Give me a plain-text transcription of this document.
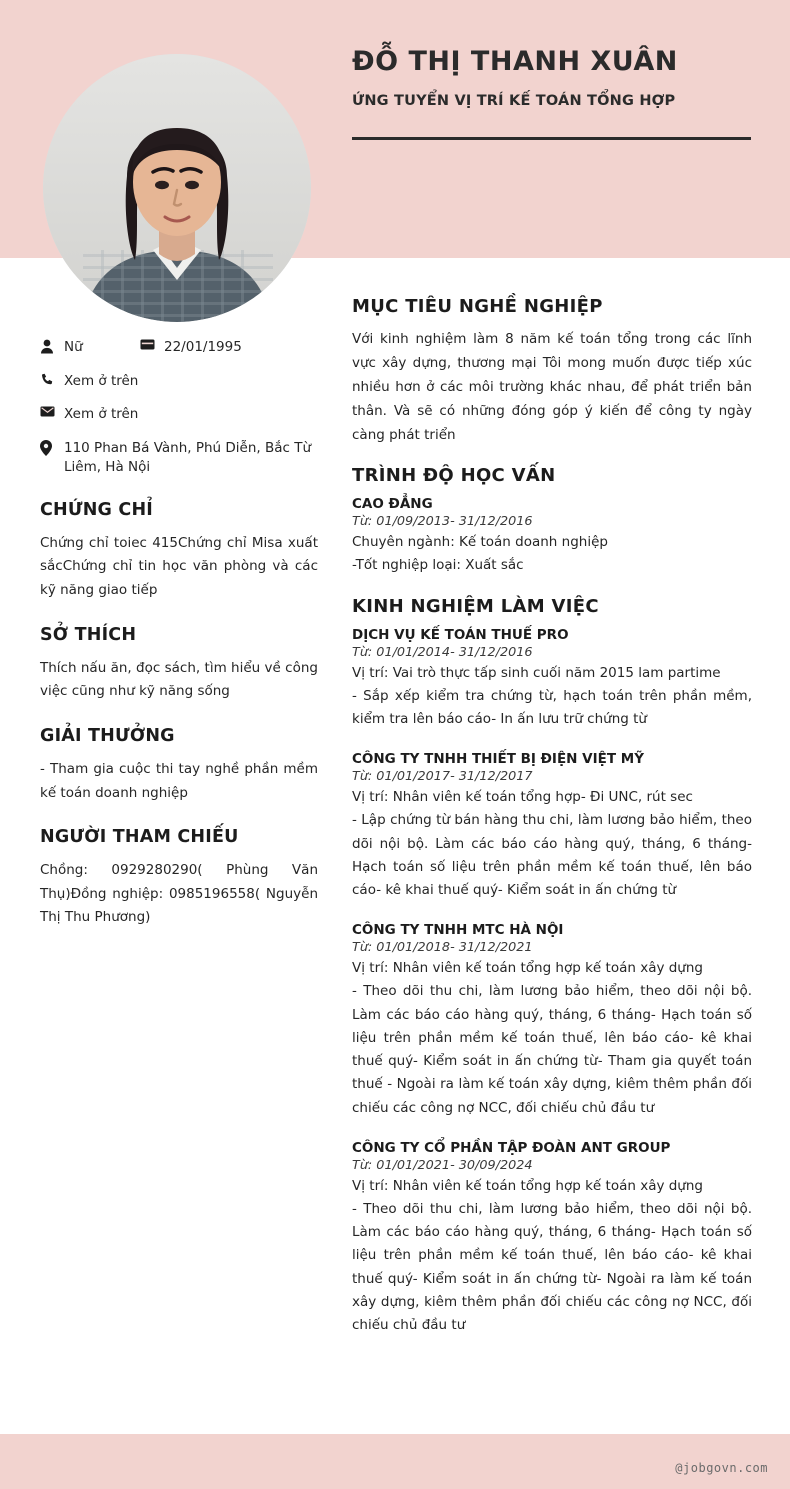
ĐỖ THỊ THANH XUÂN
ỨNG TUYỂN VỊ TRÍ KẾ TOÁN TỔNG HỢP
Nữ	22/01/1995
Xem ở trên
Xem ở trên
110 Phan Bá Vành, Phú Diễn, Bắc Từ Liêm, Hà Nội
CHỨNG CHỈ
Chứng chỉ toiec 415Chứng chỉ Misa xuất sắcChứng chỉ tin học văn phòng và các kỹ năng giao tiếp
SỞ THÍCH
Thích nấu ăn, đọc sách, tìm hiểu về công việc cũng như kỹ năng sống
GIẢI THƯỞNG
- Tham gia cuộc thi tay nghề phần mềm kế toán doanh nghiệp
NGƯỜI THAM CHIẾU
Chồng: 0929280290( Phùng Văn Thụ)Đồng nghiệp: 0985196558( Nguyễn Thị Thu Phương)
MỤC TIÊU NGHỀ NGHIỆP
Với kinh nghiệm làm 8 năm kế toán tổng trong các lĩnh vực xây dựng, thương mại Tôi mong muốn được tiếp xúc nhiều hơn ở các môi trường khác nhau, để phát triển bản thân. Và sẽ có những đóng góp ý kiến để công ty ngày càng phát triển
TRÌNH ĐỘ HỌC VẤN
CAO ĐẲNG
Từ: 01/09/2013- 31/12/2016
Chuyên ngành: Kế toán doanh nghiệp
-Tốt nghiệp loại: Xuất sắc
KINH NGHIỆM LÀM VIỆC
DỊCH VỤ KẾ TOÁN THUẾ PRO
Từ: 01/01/2014- 31/12/2016
Vị trí: Vai trò thực tấp sinh cuối năm 2015 lam partime
- Sắp xếp kiểm tra chứng từ, hạch toán trên phần mềm, kiểm tra lên báo cáo- In ấn lưu trữ chứng từ
CÔNG TY TNHH THIẾT BỊ ĐIỆN VIỆT MỸ
Từ: 01/01/2017- 31/12/2017
Vị trí: Nhân viên kế toán tổng hợp- Đi UNC, rút sec
- Lập chứng từ bán hàng thu chi, làm lương bảo hiểm, theo dõi nội bộ. Làm các báo cáo hàng quý, tháng, 6 tháng- Hạch toán số liệu trên phần mềm kế toán thuế, lên báo cáo- kê khai thuế quý- Kiểm soát in ấn chứng từ
CÔNG TY TNHH MTC HÀ NỘI
Từ: 01/01/2018- 31/12/2021
Vị trí: Nhân viên kế toán tổng hợp kế toán xây dựng
- Theo dõi thu chi, làm lương bảo hiểm, theo dõi nội bộ. Làm các báo cáo hàng quý, tháng, 6 tháng- Hạch toán số liệu trên phần mềm kế toán thuế, lên báo cáo- kê khai thuế quý- Kiểm soát in ấn chứng từ- Tham gia quyết toán thuế - Ngoài ra làm kế toán xây dựng, kiêm thêm phần đối chiếu các công nợ NCC, đối chiếu chủ đầu tư
CÔNG TY CỔ PHẦN TẬP ĐOÀN ANT GROUP
Từ: 01/01/2021- 30/09/2024
Vị trí: Nhân viên kế toán tổng hợp kế toán xây dựng
- Theo dõi thu chi, làm lương bảo hiểm, theo dõi nội bộ. Làm các báo cáo hàng quý, tháng, 6 tháng- Hạch toán số liệu trên phần mềm kế toán thuế, lên báo cáo- kê khai thuế quý- Kiểm soát in ấn chứng từ- Ngoài ra làm kế toán xây dựng, kiêm thêm phần đối chiếu các công nợ NCC, đối chiếu chủ đầu tư
@jobgovn.com
